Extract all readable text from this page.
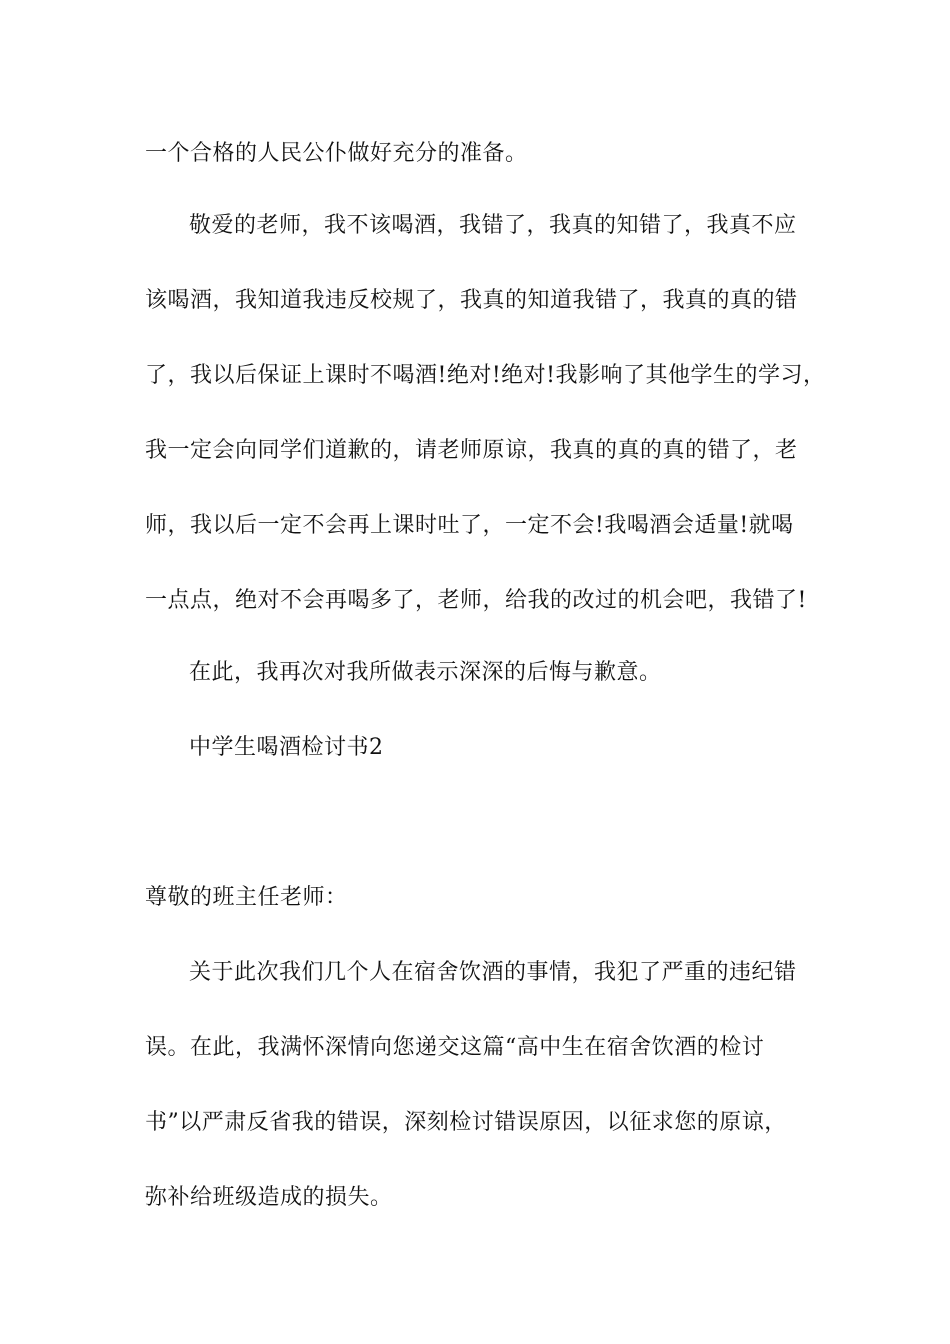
一个合格的人民公仆做好充分的准备。
敬爱的老师，我不该喝酒，我错了，我真的知错了，我真不应
该喝酒，我知道我违反校规了，我真的知道我错了，我真的真的错
了，我以后保证上课时不喝酒!绝对!绝对!我影响了其他学生的学习，
我一定会向同学们道歉的，请老师原谅，我真的真的真的错了，老
师，我以后一定不会再上课时吐了，一定不会!我喝酒会适量!就喝
一点点，绝对不会再喝多了，老师，给我的改过的机会吧，我错了!
在此，我再次对我所做表示深深的后悔与歉意。
中学生喝酒检讨书2
尊敬的班主任老师：
关于此次我们几个人在宿舍饮酒的事情，我犯了严重的违纪错
误。在此，我满怀深情向您递交这篇“高中生在宿舍饮酒的检讨
书”以严肃反省我的错误，深刻检讨错误原因，以征求您的原谅，
弥补给班级造成的损失。
